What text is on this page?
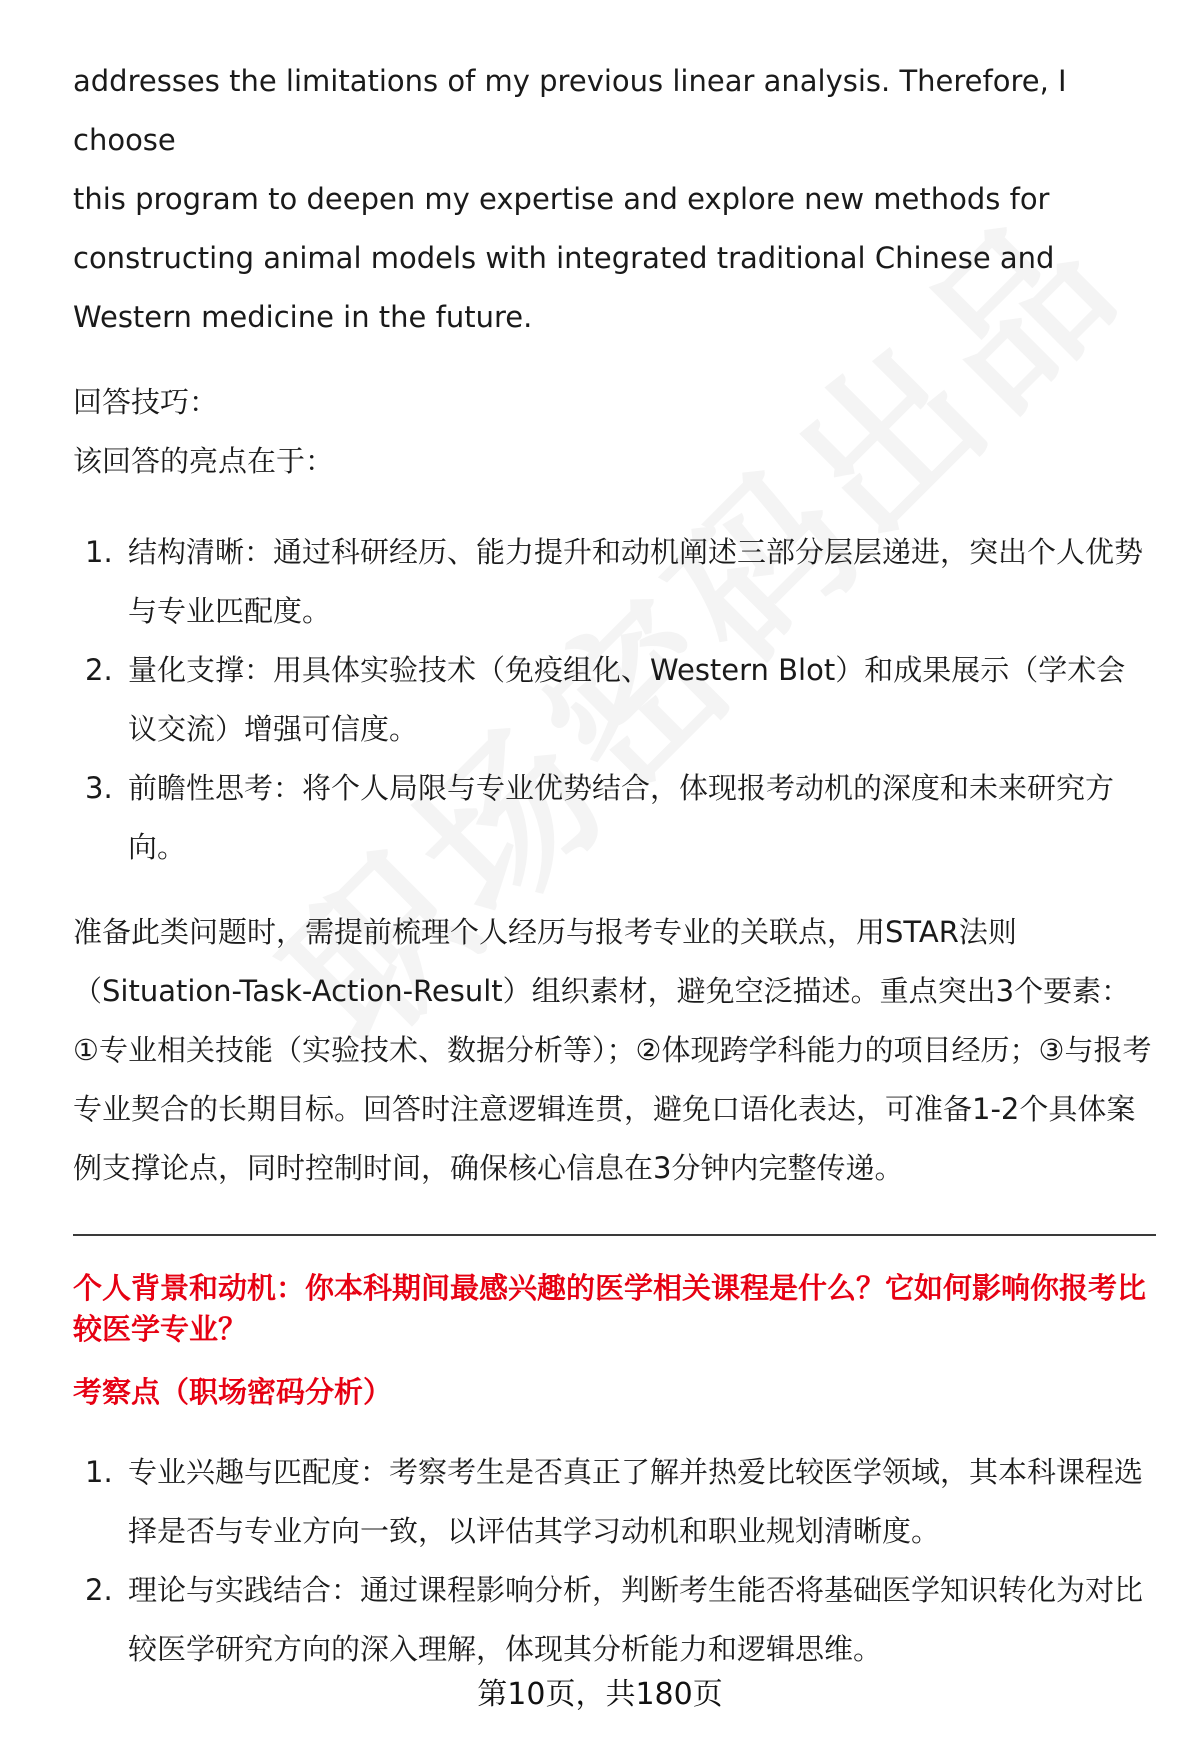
addresses the limitations of my previous linear analysis. Therefore, I choose
this program to deepen my expertise and explore new methods for
constructing animal models with integrated traditional Chinese and
Western medicine in the future.

回答技巧：

该回答的亮点在于：

1. 结构清晰：通过科研经历、能力提升和动机阐述三部分层层递进，突出个人优势与专业匹配度。
2. 量化支撑：用具体实验技术（免疫组化、Western Blot）和成果展示（学术会议交流）增强可信度。
3. 前瞻性思考：将个人局限与专业优势结合，体现报考动机的深度和未来研究方向。

准备此类问题时，需提前梳理个人经历与报考专业的关联点，用STAR法则（Situation-Task-Action-Result）组织素材，避免空泛描述。重点突出3个要素：①专业相关技能（实验技术、数据分析等）；②体现跨学科能力的项目经历；③与报考专业契合的长期目标。回答时注意逻辑连贯，避免口语化表达，可准备1-2个具体案例支撑论点，同时控制时间，确保核心信息在3分钟内完整传递。

个人背景和动机：你本科期间最感兴趣的医学相关课程是什么？它如何影响你报考比较医学专业？

考察点（职场密码分析）

1. 专业兴趣与匹配度：考察考生是否真正了解并热爱比较医学领域，其本科课程选择是否与专业方向一致，以评估其学习动机和职业规划清晰度。
2. 理论与实践结合：通过课程影响分析，判断考生能否将基础医学知识转化为对比较医学研究方向的深入理解，体现其分析能力和逻辑思维。
第10页，共180页
